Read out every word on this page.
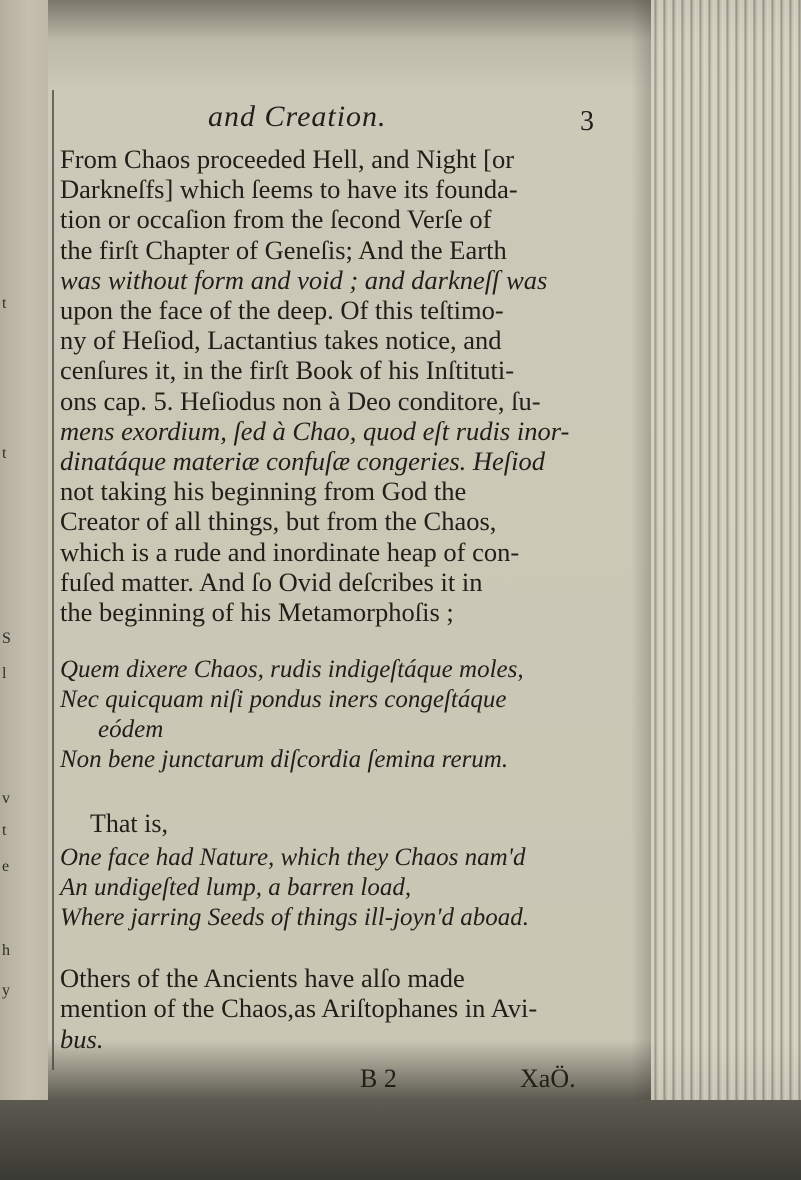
t
t
S
l
v
t
e
h
y
and Creation.	3

From Chaos proceeded Hell, and Night [or
Darkneſfs] which ſeems to have its founda-
tion or occaſion from the ſecond Verſe of
the firſt Chapter of Geneſis; And the Earth
was without form and void ; and darkneſſ was
upon the face of the deep. Of this teſtimo-
ny of Heſiod, Lactantius takes notice, and
cenſures it, in the firſt Book of his Inſtituti-
ons cap. 5. Heſiodus non à Deo conditore, ſu-
mens exordium, ſed à Chao, quod eſt rudis inor-
dinatáque materiæ confuſæ congeries. Heſiod
not taking his beginning from God the
Creator of all things, but from the Chaos,
which is a rude and inordinate heap of con-
fuſed matter. And ſo Ovid deſcribes it in
the beginning of his Metamorphoſis ;

Quem dixere Chaos, rudis indigeſtáque moles,
Nec quicquam niſi pondus iners congeſtáque
eódem
Non bene junctarum diſcordia ſemina rerum.
That is,
One face had Nature, which they Chaos nam'd
An undigeſted lump, a barren load,
Where jarring Seeds of things ill-joyn'd aboad.

Others of the Ancients have alſo made
mention of the Chaos,as Ariſtophanes in Avi-
bus.

B 2	XaÖ.
